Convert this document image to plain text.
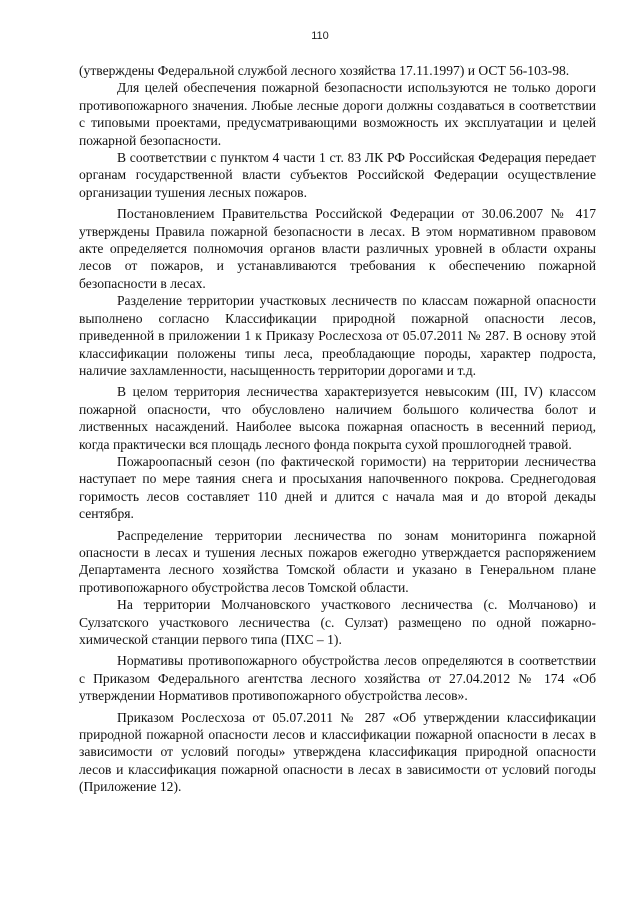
110

(утверждены Федеральной службой лесного хозяйства 17.11.1997) и ОСТ 56-103-98.

Для целей обеспечения пожарной безопасности используются не только дороги противопожарного значения. Любые лесные дороги должны создаваться в соответствии с типовыми проектами, предусматривающими возможность их эксплуатации и целей пожарной безопасности.

В соответствии с пунктом 4 части 1 ст. 83 ЛК РФ Российская Федерация передает органам государственной власти субъектов Российской Федерации осуществление организации тушения лесных пожаров.

Постановлением Правительства Российской Федерации от 30.06.2007 № 417 утверждены Правила пожарной безопасности в лесах. В этом нормативном правовом акте определяется полномочия органов власти различных уровней в области охраны лесов от пожаров, и устанавливаются требования к обеспечению пожарной безопасности в лесах.

Разделение территории участковых лесничеств по классам пожарной опасности выполнено согласно Классификации природной пожарной опасности лесов, приведенной в приложении 1 к Приказу Рослесхоза от 05.07.2011 № 287. В основу этой классификации положены типы леса, преобладающие породы, характер подроста, наличие захламленности, насыщенность территории дорогами и т.д.

В целом территория лесничества характеризуется невысоким (III, IV) классом пожарной опасности, что обусловлено наличием большого количества болот и лиственных насаждений. Наиболее высока пожарная опасность в весенний период, когда практически вся площадь лесного фонда покрыта сухой прошлогодней травой.

Пожароопасный сезон (по фактической горимости) на территории лесничества наступает по мере таяния снега и просыхания напочвенного покрова. Среднегодовая горимость лесов составляет 110 дней и длится с начала мая и до второй декады сентября.

Распределение территории лесничества по зонам мониторинга пожарной опасности в лесах и тушения лесных пожаров ежегодно утверждается распоряжением Департамента лесного хозяйства Томской области и указано в Генеральном плане противопожарного обустройства лесов Томской области.

На территории Молчановского участкового лесничества (с. Молчаново) и Сулзатского участкового лесничества (с. Сулзат) размещено по одной пожарно-химической станции первого типа (ПХС – 1).

Нормативы противопожарного обустройства лесов определяются в соответствии с Приказом Федерального агентства лесного хозяйства от 27.04.2012 № 174 «Об утверждении Нормативов противопожарного обустройства лесов».

Приказом Рослесхоза от 05.07.2011 № 287 «Об утверждении классификации природной пожарной опасности лесов и классификации пожарной опасности в лесах в зависимости от условий погоды» утверждена классификация природной опасности лесов и классификация пожарной опасности в лесах в зависимости от условий погоды (Приложение 12).
